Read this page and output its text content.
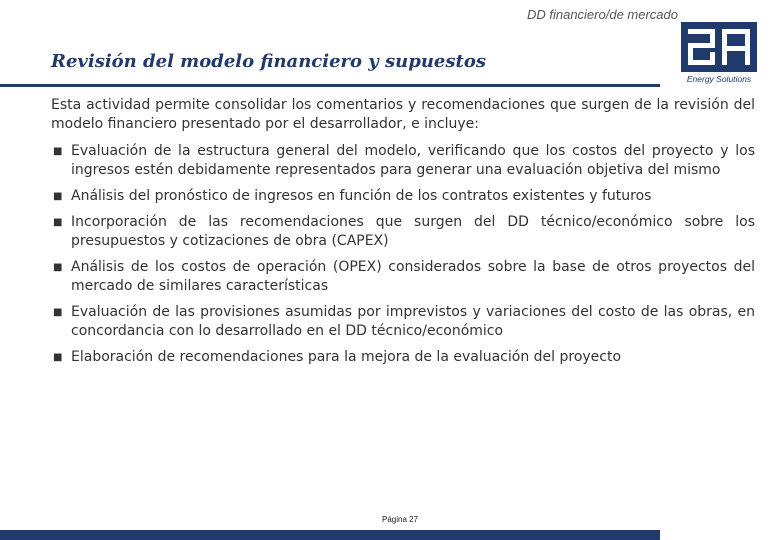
DD financiero/de mercado
Revisión del modelo financiero y supuestos
Energy Solutions

Esta actividad permite consolidar los comentarios y recomendaciones que surgen de la revisión del modelo financiero presentado por el desarrollador, e incluye:

■ Evaluación de la estructura general del modelo, verificando que los costos del proyecto y los ingresos estén debidamente representados para generar una evaluación objetiva del mismo
■ Análisis del pronóstico de ingresos en función de los contratos existentes y futuros
■ Incorporación de las recomendaciones que surgen del DD técnico/económico sobre los presupuestos y cotizaciones de obra (CAPEX)
■ Análisis de los costos de operación (OPEX) considerados sobre la base de otros proyectos del mercado de similares características
■ Evaluación de las provisiones asumidas por imprevistos y variaciones del costo de las obras, en concordancia con lo desarrollado en el DD técnico/económico
■ Elaboración de recomendaciones para la mejora de la evaluación del proyecto
Página 27
